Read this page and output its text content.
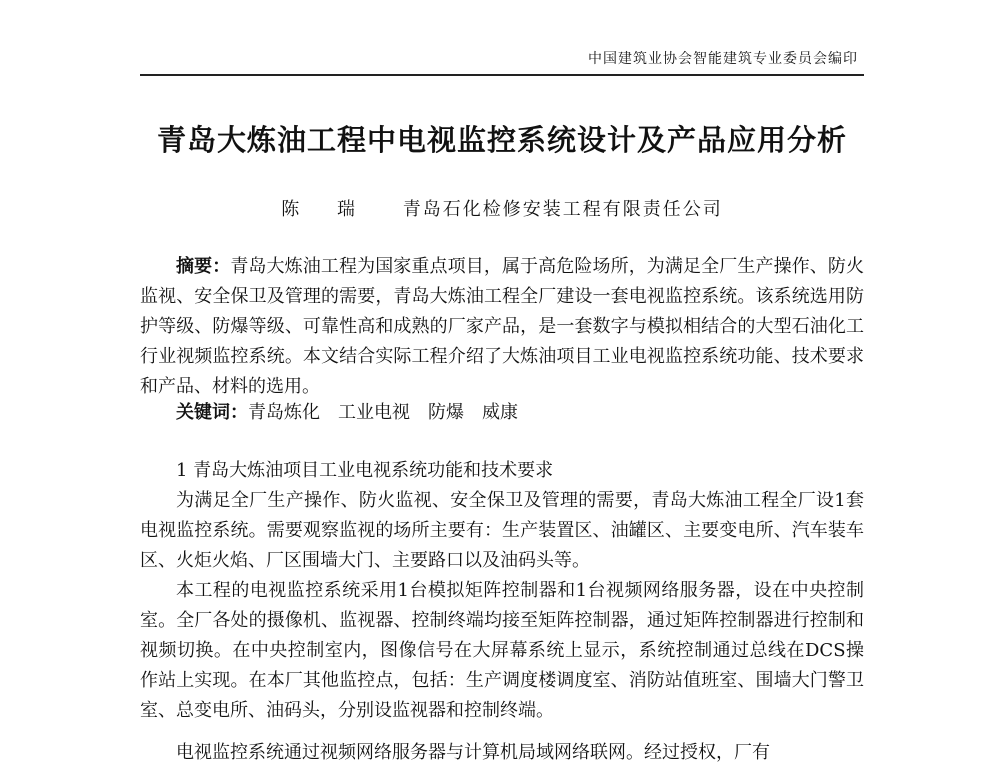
中国建筑业协会智能建筑专业委员会编印
青岛大炼油工程中电视监控系统设计及产品应用分析
陈 瑞 青岛石化检修安装工程有限责任公司

摘要：青岛大炼油工程为国家重点项目，属于高危险场所，为满足全厂生产操作、防火监视、安全保卫及管理的需要，青岛大炼油工程全厂建设一套电视监控系统。该系统选用防护等级、防爆等级、可靠性高和成熟的厂家产品，是一套数字与模拟相结合的大型石油化工行业视频监控系统。本文结合实际工程介绍了大炼油项目工业电视监控系统功能、技术要求和产品、材料的选用。

关键词：青岛炼化 工业电视 防爆 威康

1 青岛大炼油项目工业电视系统功能和技术要求

为满足全厂生产操作、防火监视、安全保卫及管理的需要，青岛大炼油工程全厂设1套电视监控系统。需要观察监视的场所主要有：生产装置区、油罐区、主要变电所、汽车装车区、火炬火焰、厂区围墙大门、主要路口以及油码头等。

本工程的电视监控系统采用1台模拟矩阵控制器和1台视频网络服务器，设在中央控制室。全厂各处的摄像机、监视器、控制终端均接至矩阵控制器，通过矩阵控制器进行控制和视频切换。在中央控制室内，图像信号在大屏幕系统上显示，系统控制通过总线在DCS操作站上实现。在本厂其他监控点，包括：生产调度楼调度室、消防站值班室、围墙大门警卫室、总变电所、油码头，分别设监视器和控制终端。

电视监控系统通过视频网络服务器与计算机局域网络联网。经过授权，厂有
